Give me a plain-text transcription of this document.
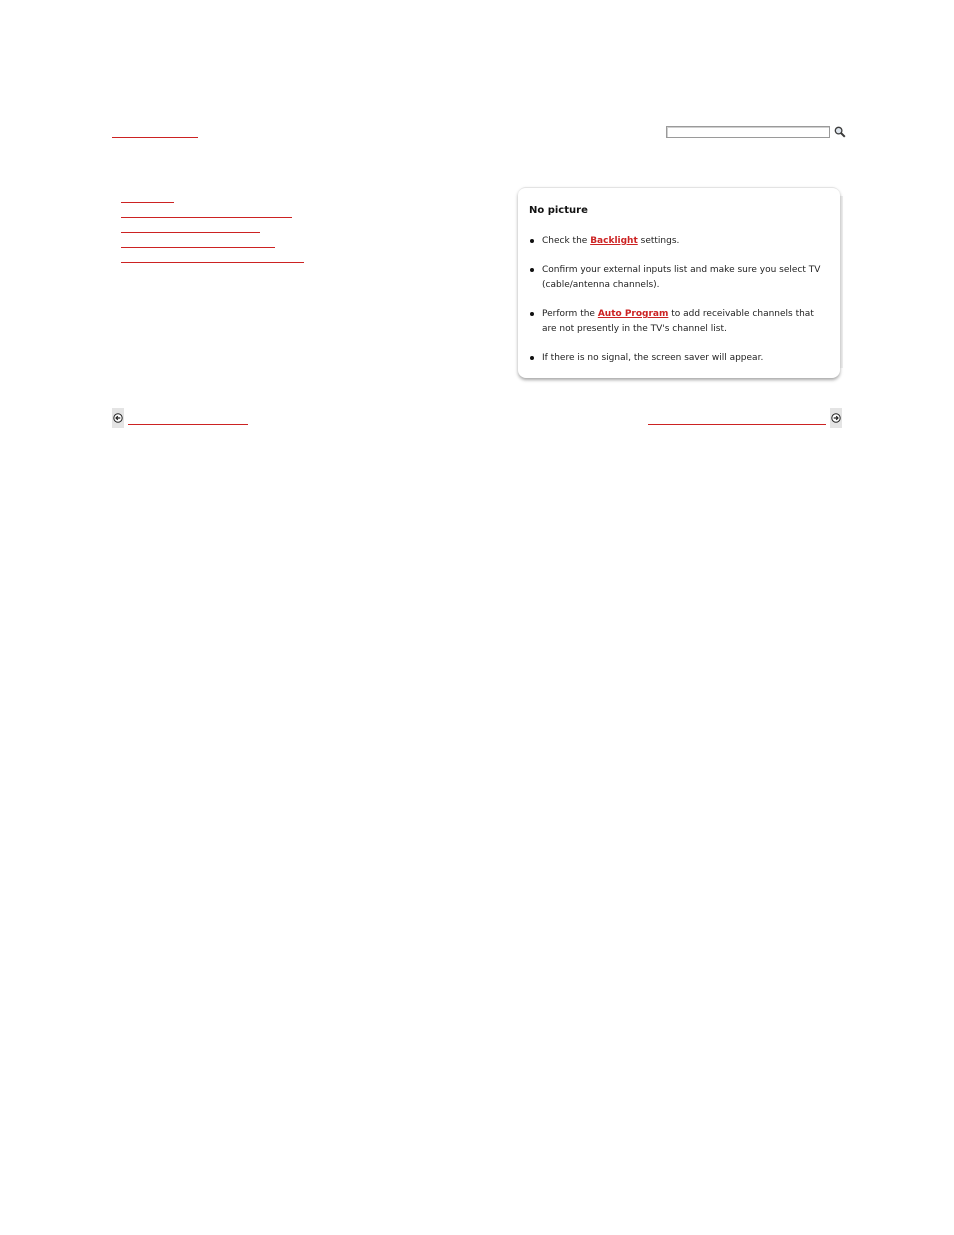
No picture
Check the Backlight settings.
Confirm your external inputs list and make sure you select TV (cable/antenna channels).
Perform the Auto Program to add receivable channels that are not presently in the TV's channel list.
If there is no signal, the screen saver will appear.
